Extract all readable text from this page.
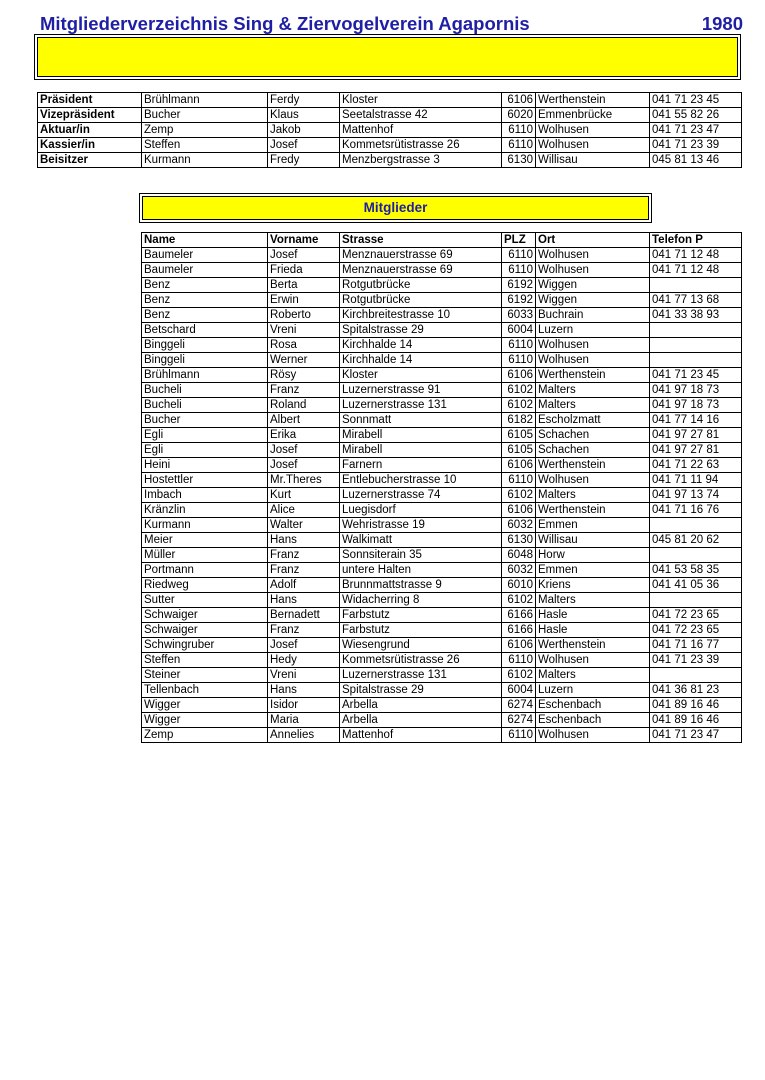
Mitgliederverzeichnis Sing & Ziervogelverein Agapornis	1980
Präsident	Brühlmann	Ferdy	Kloster	6106	Werthenstein	041 71 23 45
Vizepräsident	Bucher	Klaus	Seetalstrasse 42	6020	Emmenbrücke	041 55 82 26
Aktuar/in	Zemp	Jakob	Mattenhof	6110	Wolhusen	041 71 23 47
Kassier/in	Steffen	Josef	Kommetsrütistrasse 26	6110	Wolhusen	041 71 23 39
Beisitzer	Kurmann	Fredy	Menzbergstrasse 3	6130	Willisau	045 81 13 46
Mitglieder
Name	Vorname	Strasse	PLZ	Ort	Telefon P
Baumeler	Josef	Menznauerstrasse 69	6110	Wolhusen	041 71 12 48
Baumeler	Frieda	Menznauerstrasse 69	6110	Wolhusen	041 71 12 48
Benz	Berta	Rotgutbrücke	6192	Wiggen	
Benz	Erwin	Rotgutbrücke	6192	Wiggen	041 77 13 68
Benz	Roberto	Kirchbreitestrasse 10	6033	Buchrain	041 33 38 93
Betschard	Vreni	Spitalstrasse 29	6004	Luzern	
Binggeli	Rosa	Kirchhalde 14	6110	Wolhusen	
Binggeli	Werner	Kirchhalde 14	6110	Wolhusen	
Brühlmann	Rösy	Kloster	6106	Werthenstein	041 71 23 45
Bucheli	Franz	Luzernerstrasse 91	6102	Malters	041 97 18 73
Bucheli	Roland	Luzernerstrasse 131	6102	Malters	041 97 18 73
Bucher	Albert	Sonnmatt	6182	Escholzmatt	041 77 14 16
Egli	Erika	Mirabell	6105	Schachen	041 97 27 81
Egli	Josef	Mirabell	6105	Schachen	041 97 27 81
Heini	Josef	Farnern	6106	Werthenstein	041 71 22 63
Hostettler	Mr.Theres	Entlebucherstrasse 10	6110	Wolhusen	041 71 11 94
Imbach	Kurt	Luzernerstrasse 74	6102	Malters	041 97 13 74
Kränzlin	Alice	Luegisdorf	6106	Werthenstein	041 71 16 76
Kurmann	Walter	Wehristrasse 19	6032	Emmen	
Meier	Hans	Walkimatt	6130	Willisau	045 81 20 62
Müller	Franz	Sonnsiterain 35	6048	Horw	
Portmann	Franz	untere Halten	6032	Emmen	041 53 58 35
Riedweg	Adolf	Brunnmattstrasse 9	6010	Kriens	041 41 05 36
Sutter	Hans	Widacherring 8	6102	Malters	
Schwaiger	Bernadett	Farbstutz	6166	Hasle	041 72 23 65
Schwaiger	Franz	Farbstutz	6166	Hasle	041 72 23 65
Schwingruber	Josef	Wiesengrund	6106	Werthenstein	041 71 16 77
Steffen	Hedy	Kommetsrütistrasse 26	6110	Wolhusen	041 71 23 39
Steiner	Vreni	Luzernerstrasse 131	6102	Malters	
Tellenbach	Hans	Spitalstrasse 29	6004	Luzern	041 36 81 23
Wigger	Isidor	Arbella	6274	Eschenbach	041 89 16 46
Wigger	Maria	Arbella	6274	Eschenbach	041 89 16 46
Zemp	Annelies	Mattenhof	6110	Wolhusen	041 71 23 47
